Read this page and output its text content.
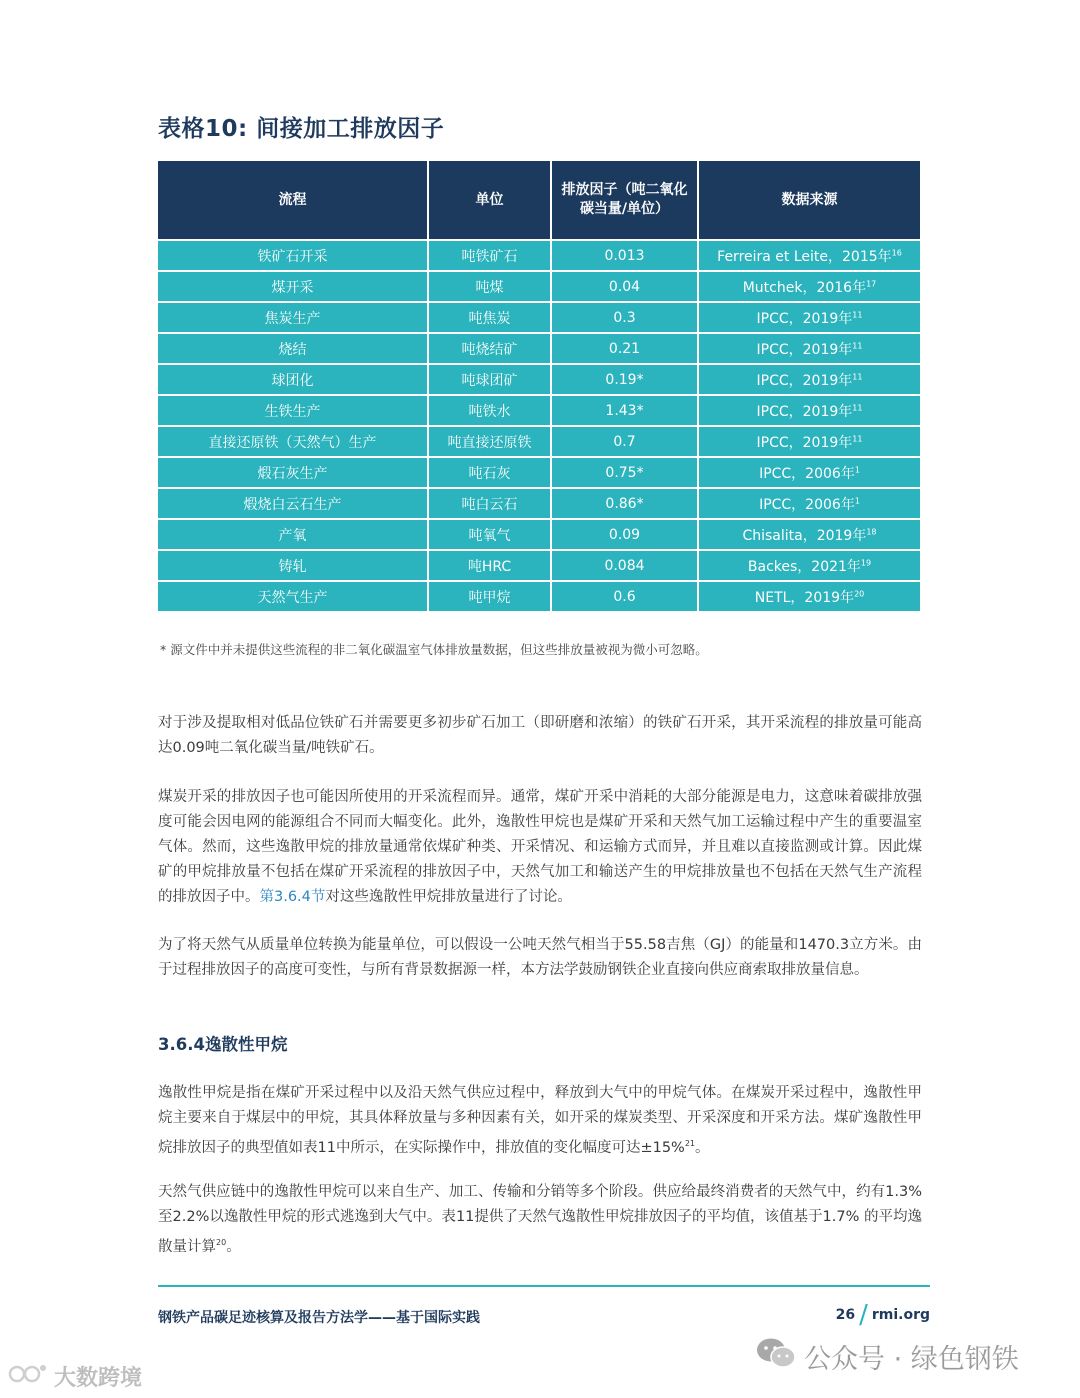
表格10: 间接加工排放因子
流程	单位	排放因子（吨二氧化碳当量/单位）	数据来源
铁矿石开采	吨铁矿石	0.013	Ferreira et Leite，2015年$^{16}$
煤开采	吨煤	0.04	Mutchek，2016年$^{17}$
焦炭生产	吨焦炭	0.3	IPCC，2019年$^{11}$
烧结	吨烧结矿	0.21	IPCC，2019年$^{11}$
球团化	吨球团矿	0.19*	IPCC，2019年$^{11}$
生铁生产	吨铁水	1.43*	IPCC，2019年$^{11}$
直接还原铁（天然气）生产	吨直接还原铁	0.7	IPCC，2019年$^{11}$
煅石灰生产	吨石灰	0.75*	IPCC，2006年$^1$
煅烧白云石生产	吨白云石	0.86*	IPCC，2006年$^1$
产氧	吨氧气	0.09	Chisalita，2019年$^{18}$
铸轧	吨HRC	0.084	Backes，2021年$^{19}$
天然气生产	吨甲烷	0.6	NETL，2019年$^{20}$
* 源文件中并未提供这些流程的非二氧化碳温室气体排放量数据，但这些排放量被视为微小可忽略。
对于涉及提取相对低品位铁矿石并需要更多初步矿石加工（即研磨和浓缩）的铁矿石开采，其开采流程的排放量可能高达0.09吨二氧化碳当量/吨铁矿石。
煤炭开采的排放因子也可能因所使用的开采流程而异。通常，煤矿开采中消耗的大部分能源是电力，这意味着碳排放强度可能会因电网的能源组合不同而大幅变化。此外，逸散性甲烷也是煤矿开采和天然气加工运输过程中产生的重要温室气体。然而，这些逸散甲烷的排放量通常依煤矿种类、开采情况、和运输方式而异，并且难以直接监测或计算。因此煤矿的甲烷排放量不包括在煤矿开采流程的排放因子中，天然气加工和输送产生的甲烷排放量也不包括在天然气生产流程的排放因子中。第3.6.4节对这些逸散性甲烷排放量进行了讨论。
为了将天然气从质量单位转换为能量单位，可以假设一公吨天然气相当于55.58吉焦（GJ）的能量和1470.3立方米。由于过程排放因子的高度可变性，与所有背景数据源一样，本方法学鼓励钢铁企业直接向供应商索取排放量信息。
3.6.4逸散性甲烷
逸散性甲烷是指在煤矿开采过程中以及沿天然气供应过程中，释放到大气中的甲烷气体。在煤炭开采过程中，逸散性甲烷主要来自于煤层中的甲烷，其具体释放量与多种因素有关，如开采的煤炭类型、开采深度和开采方法。煤矿逸散性甲烷排放因子的典型值如表11中所示，在实际操作中，排放值的变化幅度可达±15%$^{21}$。
天然气供应链中的逸散性甲烷可以来自生产、加工、传输和分销等多个阶段。供应给最终消费者的天然气中，约有1.3%至2.2%以逸散性甲烷的形式逃逸到大气中。表11提供了天然气逸散性甲烷排放因子的平均值，该值基于1.7% 的平均逸散量计算$^{20}$。
钢铁产品碳足迹核算及报告方法学——基于国际实践	26 / rmi.org
公众号 · 绿色钢铁
大数跨境
